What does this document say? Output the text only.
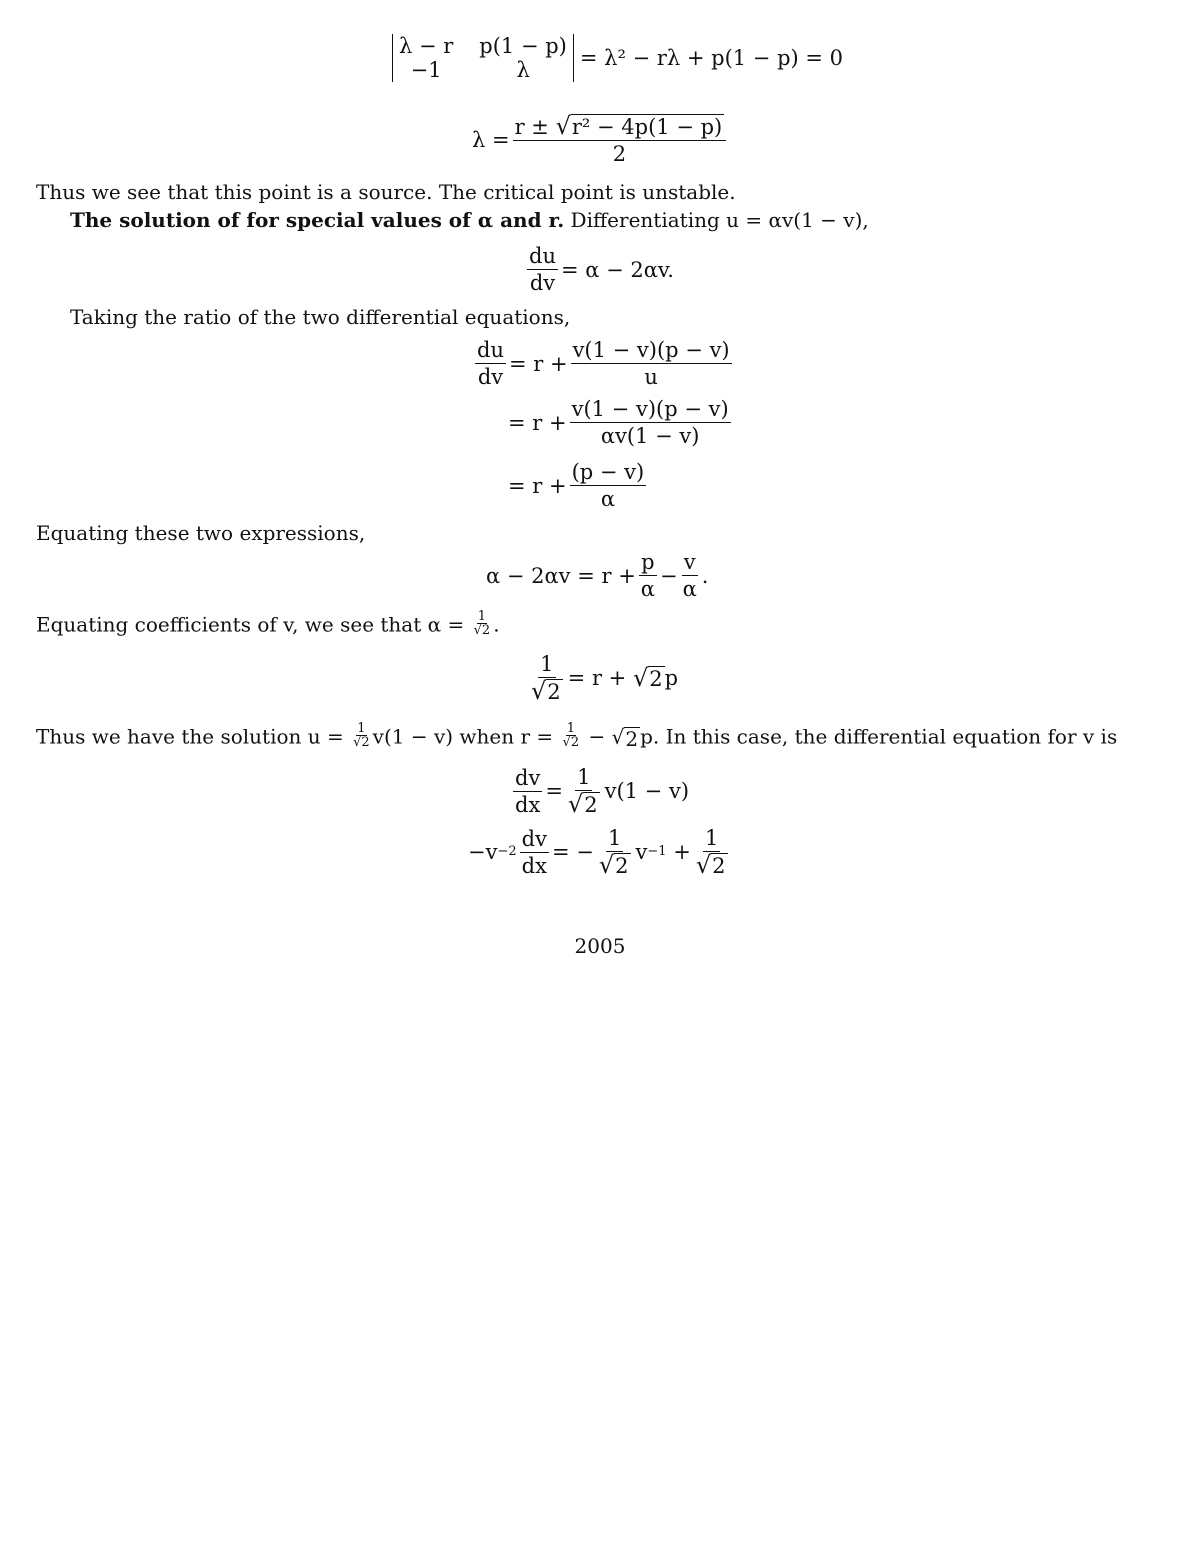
λ − r p(1 − p)
−1	λ	= λ² − rλ + p(1 − p) = 0
$\lambda = \frac{\text{r ± √ r² − 4p(1 − p)}}{2}$
Thus we see that this point is a source. The critical point is unstable.
The solution of for special values of α and r. Differentiating u = αv(1 − v),
$\frac{du}{dv} = \alpha - 2\alpha v$.
Taking the ratio of the two differential equations,
$\frac{du}{dv} = r + \frac{v(1 - v)(p - v)}{u}$
= $r + \frac{v(1 - v)(p - v)}{\alpha v(1 - v)}$
= $r + \frac{(p - v)}{\alpha}$
Equating these two expressions,
$\alpha - 2\alpha v = r + \frac{p}{\alpha} - \frac{v}{\alpha}$ .
Equating coefficients of v, we see that $\alpha = \frac{1}{√2}$ .
$\frac{1}{√ 2} = r$ +
√ 2 p
Thus we have the solution $u = \frac{1}{√2} v(1 - v)$ when $r = \frac{1}{√2}$ − √ 2 p. In this case, the differential equation for v is
$\frac{dv}{dx} = \frac{1}{√ 2} v(1 - v)$
$-v -2 \frac{dv}{dx}$ = − $\frac{1}{√ 2}$ v −1
+ $\frac{1}{√ 2}$
2005
